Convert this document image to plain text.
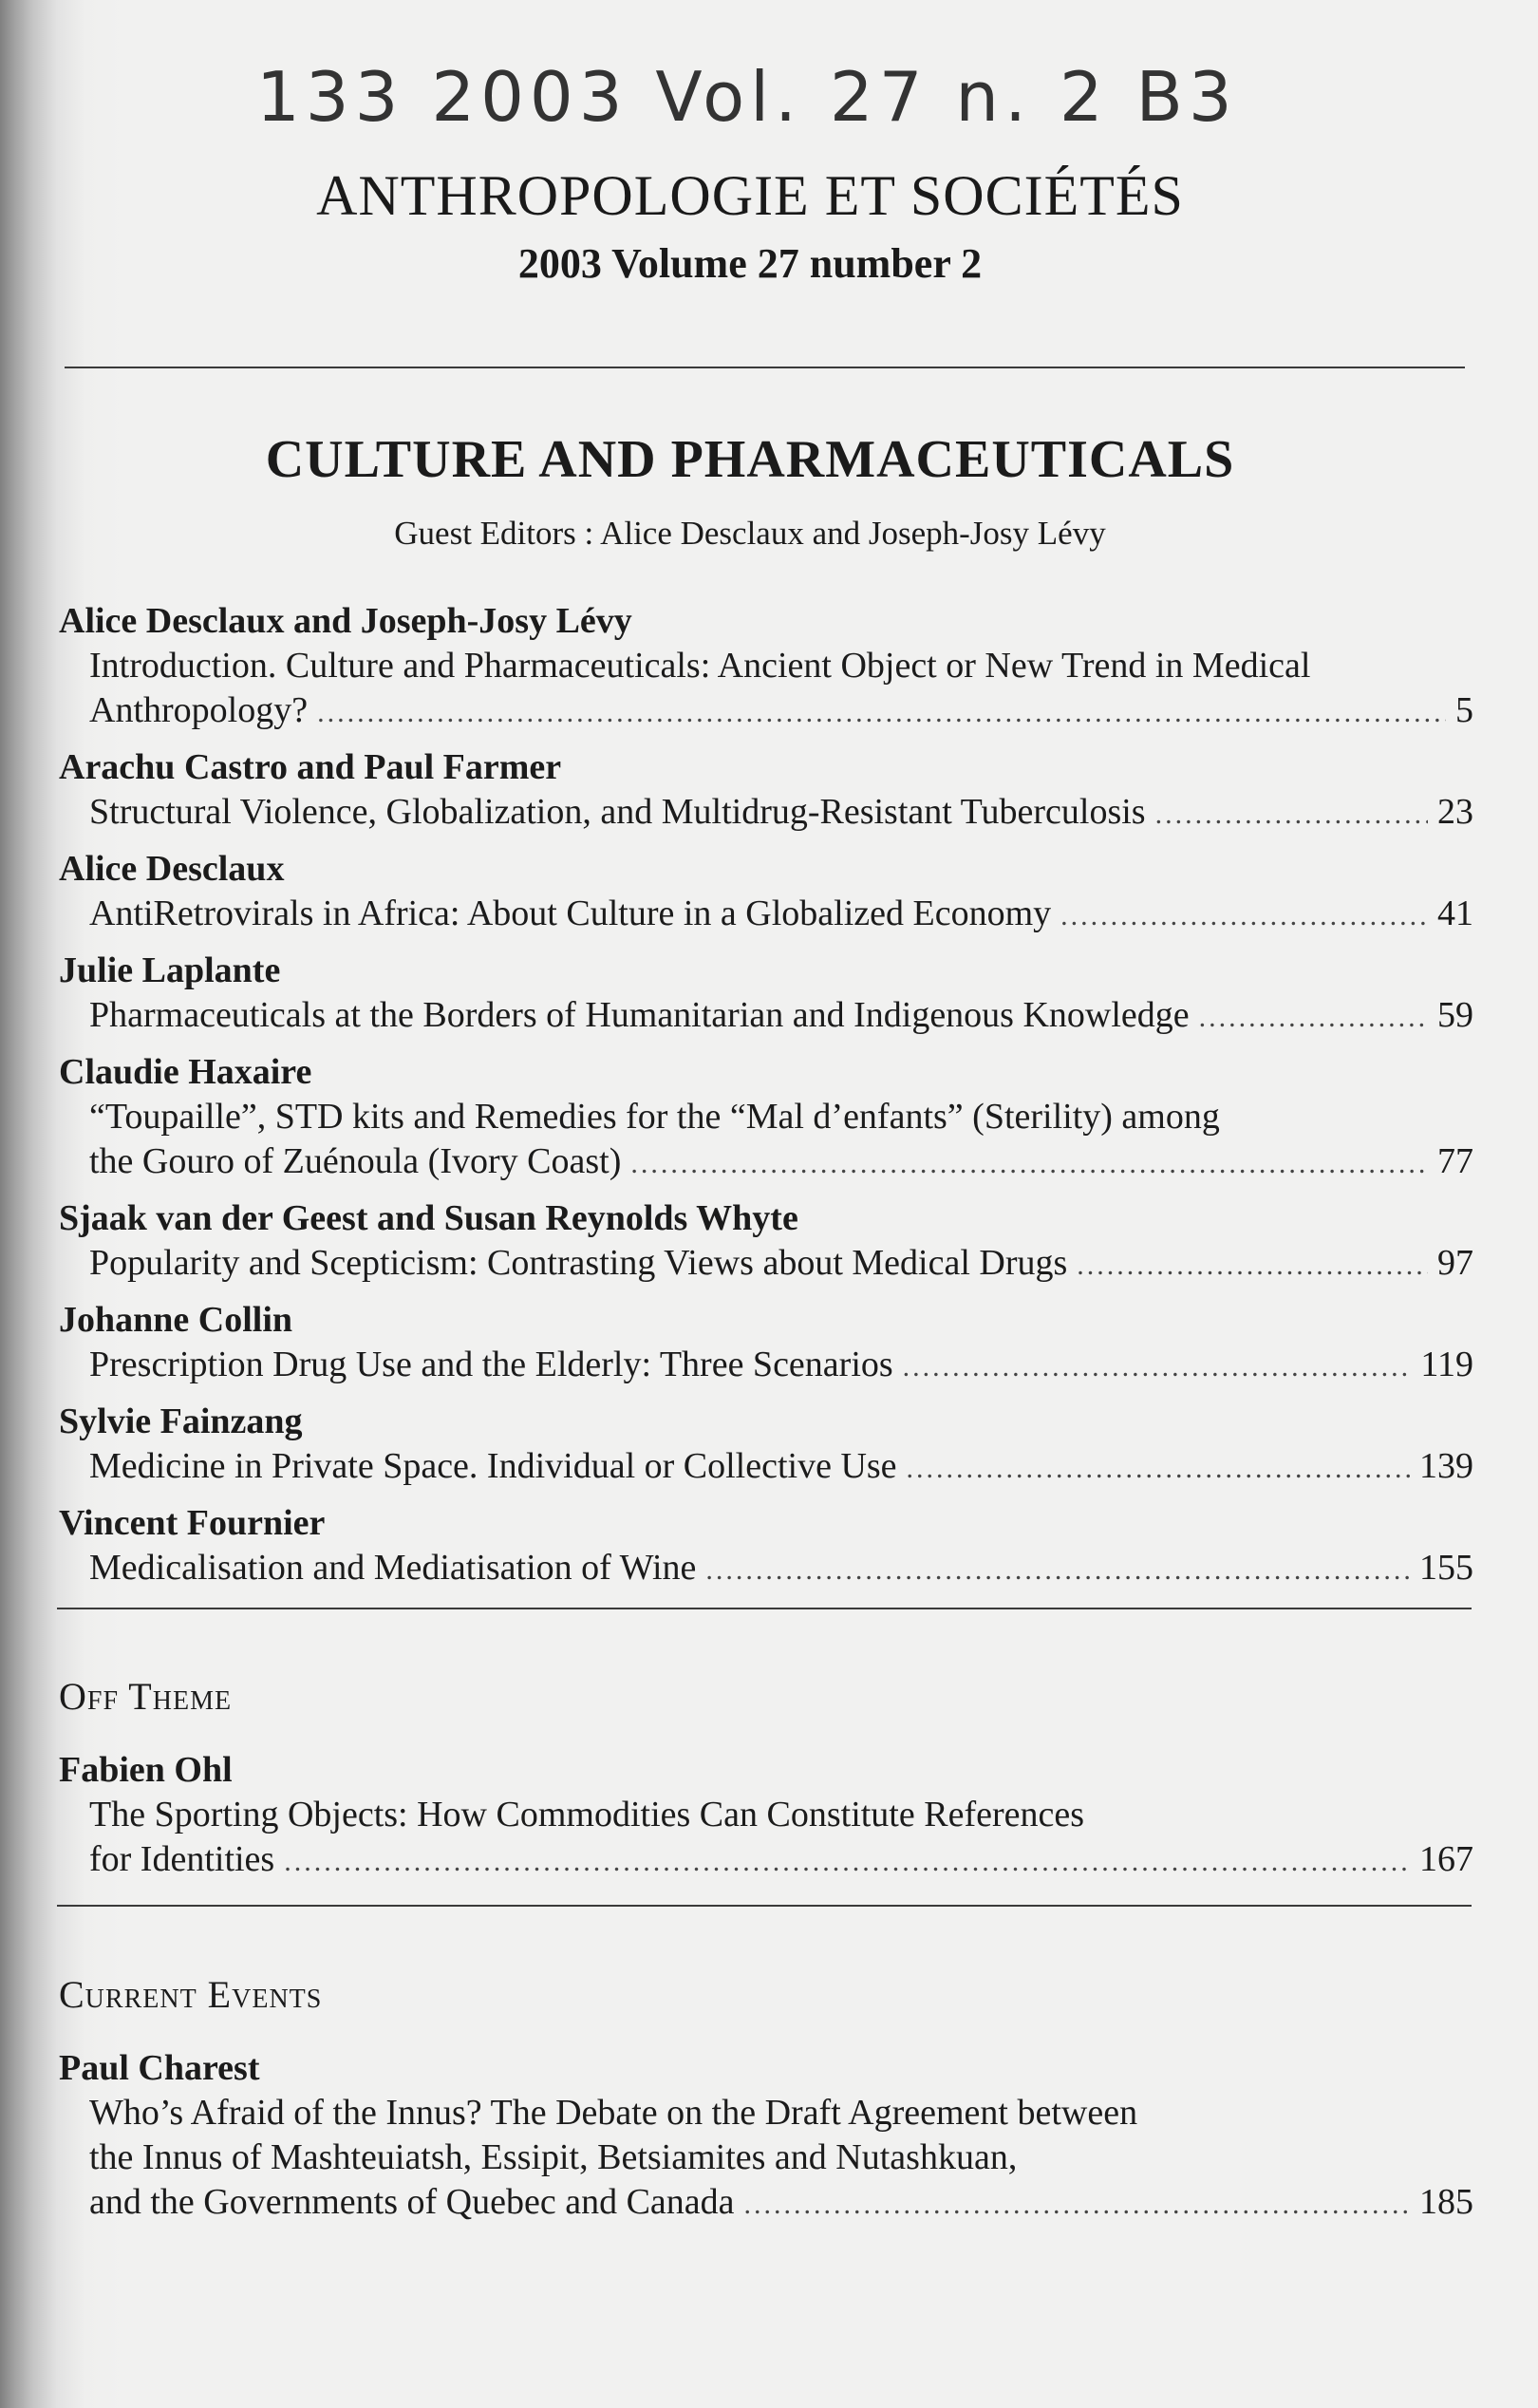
133 2003 Vol. 27 n. 2 B3
ANTHROPOLOGIE ET SOCIÉTÉS
2003 Volume 27 number 2
CULTURE AND PHARMACEUTICALS
Guest Editors : Alice Desclaux and Joseph-Josy Lévy
Alice Desclaux and Joseph-Josy Lévy
Introduction. Culture and Pharmaceuticals: Ancient Object or New Trend in Medical
Anthropology? .....	5
Arachu Castro and Paul Farmer
Structural Violence, Globalization, and Multidrug-Resistant Tuberculosis .....	23
Alice Desclaux
AntiRetrovirals in Africa: About Culture in a Globalized Economy .....	41
Julie Laplante
Pharmaceuticals at the Borders of Humanitarian and Indigenous Knowledge .....	59
Claudie Haxaire
“Toupaille”, STD kits and Remedies for the “Mal d’enfants” (Sterility) among
the Gouro of Zuénoula (Ivory Coast) .....	77
Sjaak van der Geest and Susan Reynolds Whyte
Popularity and Scepticism: Contrasting Views about Medical Drugs .....	97
Johanne Collin
Prescription Drug Use and the Elderly: Three Scenarios .....	119
Sylvie Fainzang
Medicine in Private Space. Individual or Collective Use .....	139
Vincent Fournier
Medicalisation and Mediatisation of Wine .....	155
Off Theme
Fabien Ohl
The Sporting Objects: How Commodities Can Constitute References
for Identities .....	167
Current Events
Paul Charest
Who’s Afraid of the Innus? The Debate on the Draft Agreement between
the Innus of Mashteuiatsh, Essipit, Betsiamites and Nutashkuan,
and the Governments of Quebec and Canada .....	185
